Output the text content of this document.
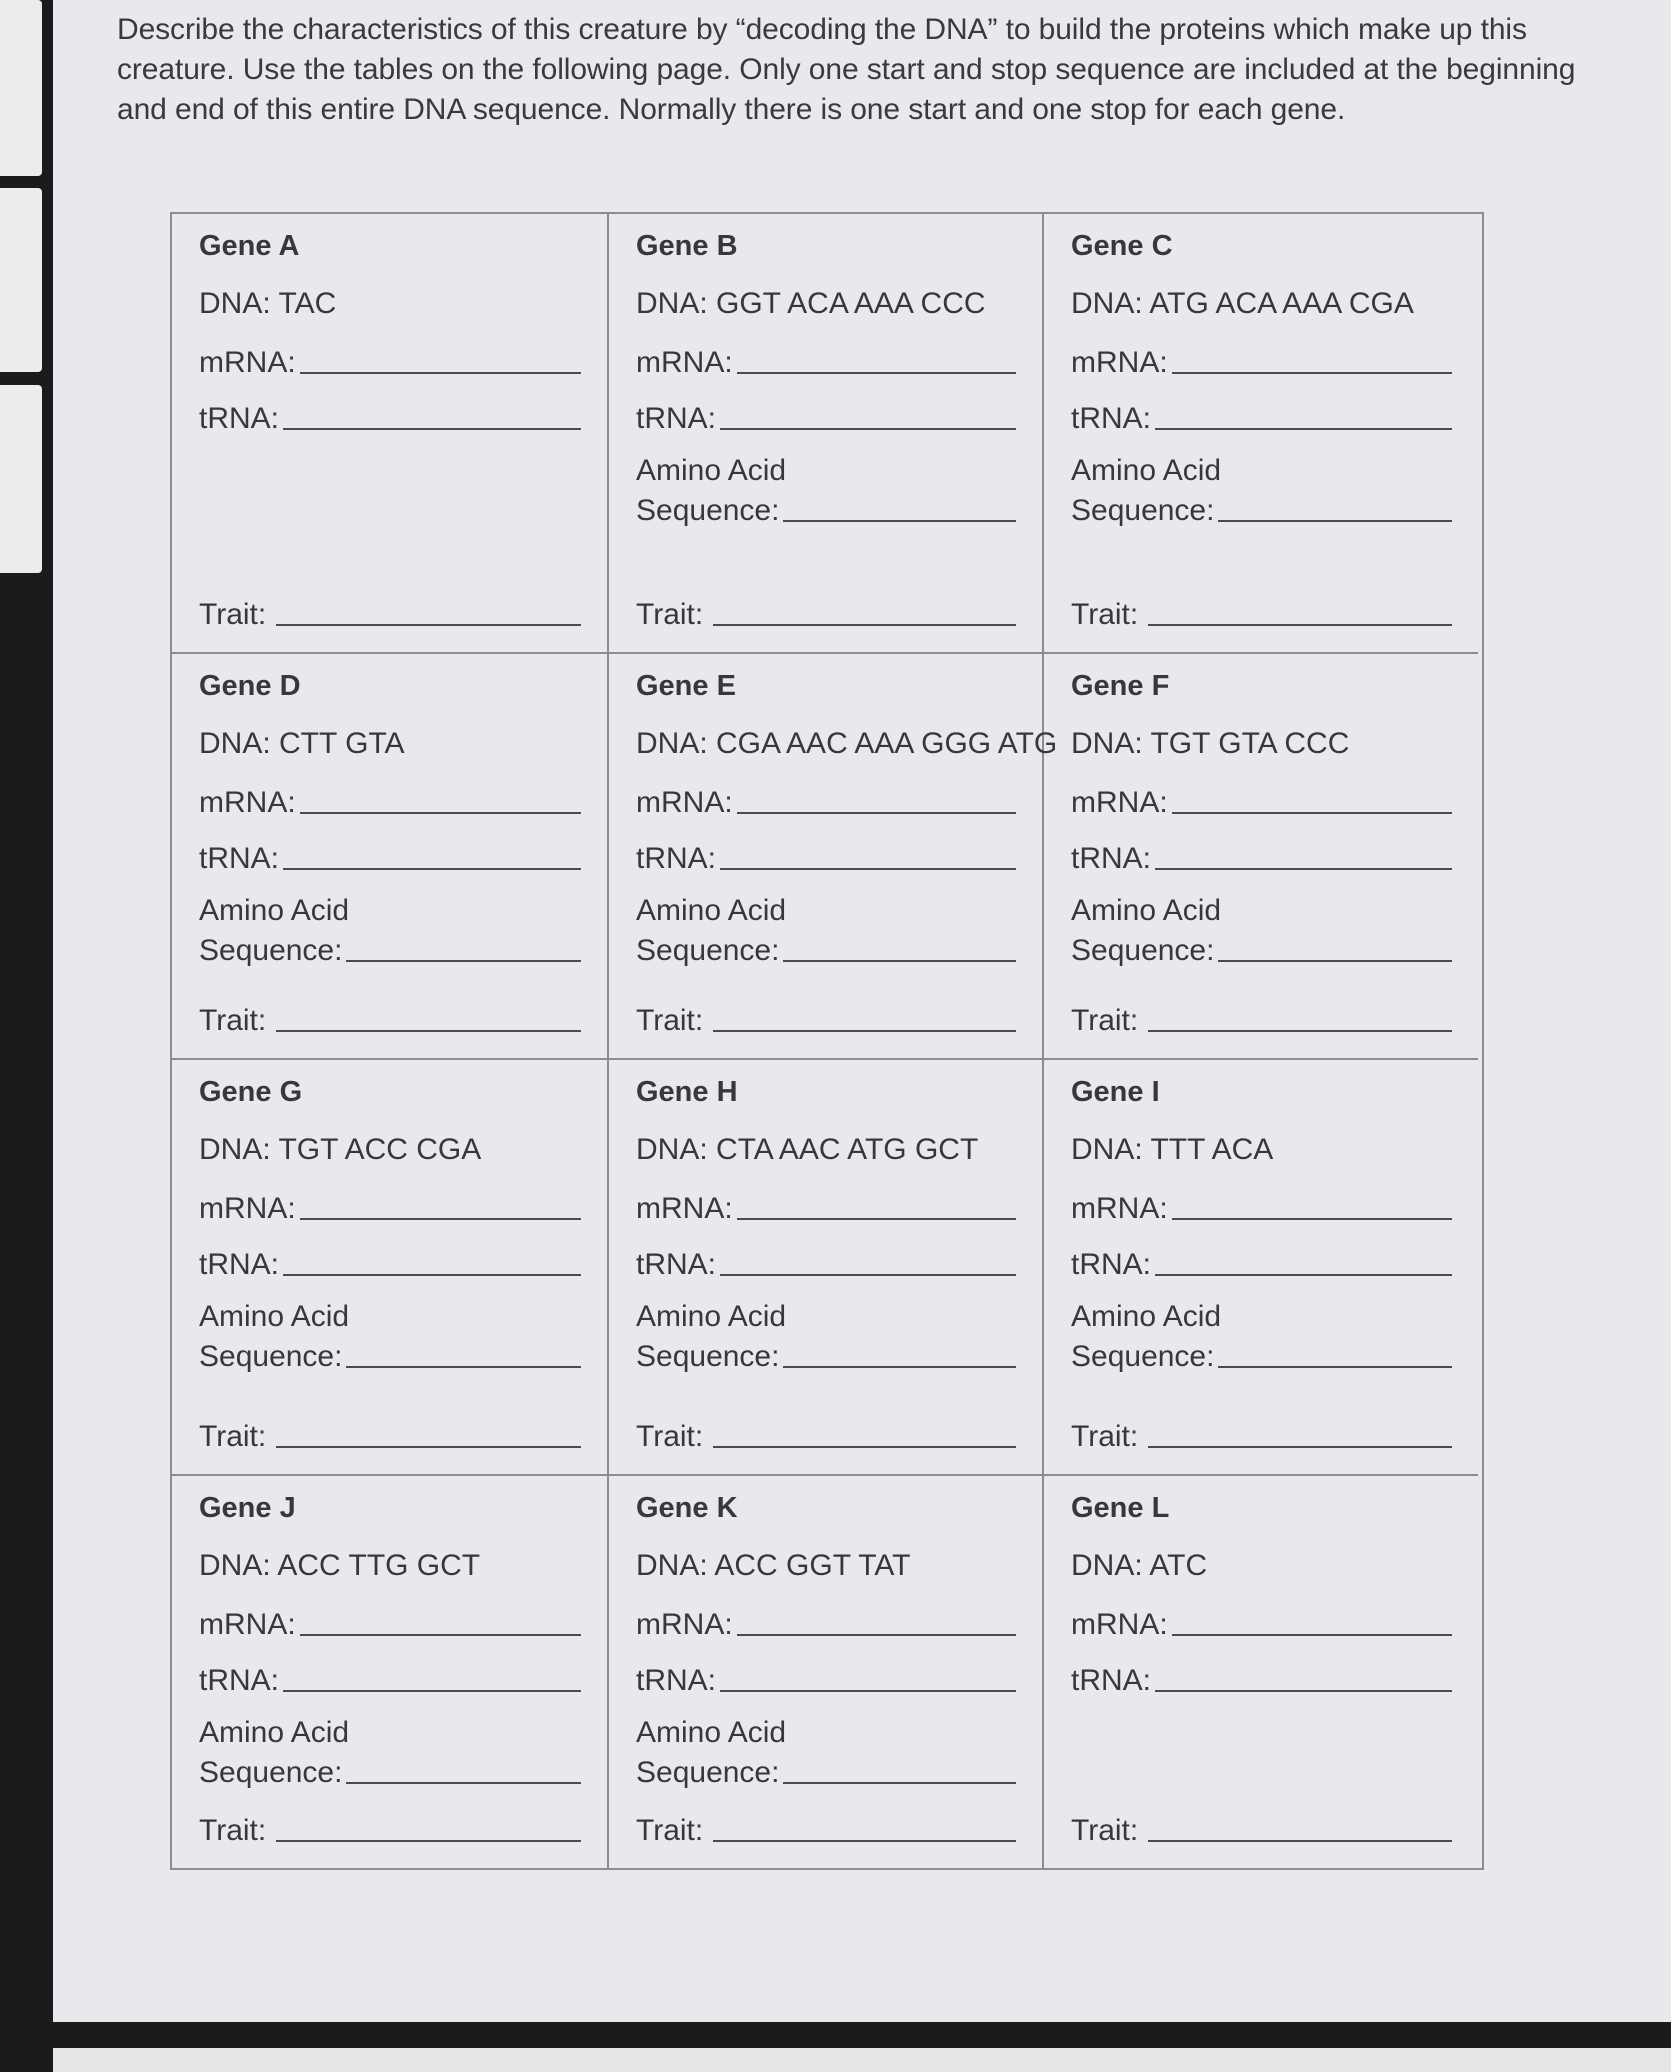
Describe the characteristics of this creature by “decoding the DNA” to build the proteins which make up this creature. Use the tables on the following page. Only one start and stop sequence are included at the beginning and end of this entire DNA sequence. Normally there is one start and one stop for each gene.
Gene A
DNA: TAC
mRNA:
tRNA:
Trait:
Gene B
DNA: GGT ACA AAA CCC
mRNA:
tRNA:
Amino Acid
Sequence:
Trait:
Gene C
DNA: ATG ACA AAA CGA
mRNA:
tRNA:
Amino Acid
Sequence:
Trait:
Gene D
DNA: CTT GTA
mRNA:
tRNA:
Amino Acid
Sequence:
Trait:
Gene E
DNA: CGA AAC AAA GGG ATG
mRNA:
tRNA:
Amino Acid
Sequence:
Trait:
Gene F
DNA: TGT GTA CCC
mRNA:
tRNA:
Amino Acid
Sequence:
Trait:
Gene G
DNA: TGT ACC CGA
mRNA:
tRNA:
Amino Acid
Sequence:
Trait:
Gene H
DNA: CTA AAC ATG GCT
mRNA:
tRNA:
Amino Acid
Sequence:
Trait:
Gene I
DNA: TTT ACA
mRNA:
tRNA:
Amino Acid
Sequence:
Trait:
Gene J
DNA: ACC TTG GCT
mRNA:
tRNA:
Amino Acid
Sequence:
Trait:
Gene K
DNA: ACC GGT TAT
mRNA:
tRNA:
Amino Acid
Sequence:
Trait:
Gene L
DNA: ATC
mRNA:
tRNA:
Trait:
